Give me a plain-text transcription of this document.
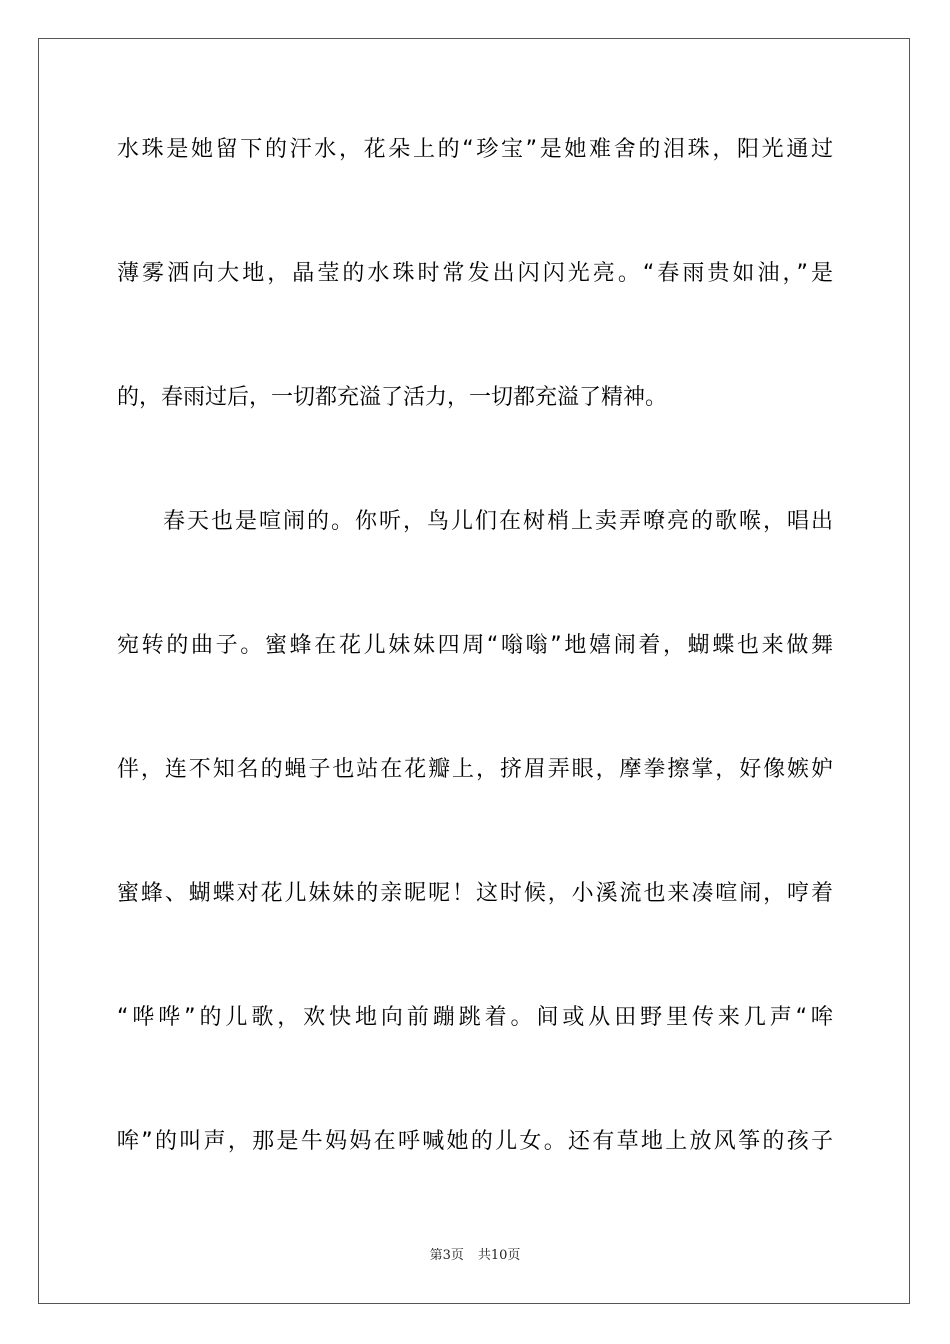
水珠是她留下的汗水，花朵上的“珍宝”是她难舍的泪珠，阳光通过
薄雾洒向大地，晶莹的水珠时常发出闪闪光亮。“春雨贵如油，”是
的，春雨过后，一切都充溢了活力，一切都充溢了精神。
春天也是喧闹的。你听，鸟儿们在树梢上卖弄嘹亮的歌喉，唱出
宛转的曲子。蜜蜂在花儿妹妹四周“嗡嗡”地嬉闹着，蝴蝶也来做舞
伴，连不知名的蝇子也站在花瓣上，挤眉弄眼，摩拳擦掌，好像嫉妒
蜜蜂、蝴蝶对花儿妹妹的亲昵呢！这时候，小溪流也来凑喧闹，哼着
“哗哗”的儿歌，欢快地向前蹦跳着。间或从田野里传来几声“哞
哞”的叫声，那是牛妈妈在呼喊她的儿女。还有草地上放风筝的孩子
第3页 共10页
